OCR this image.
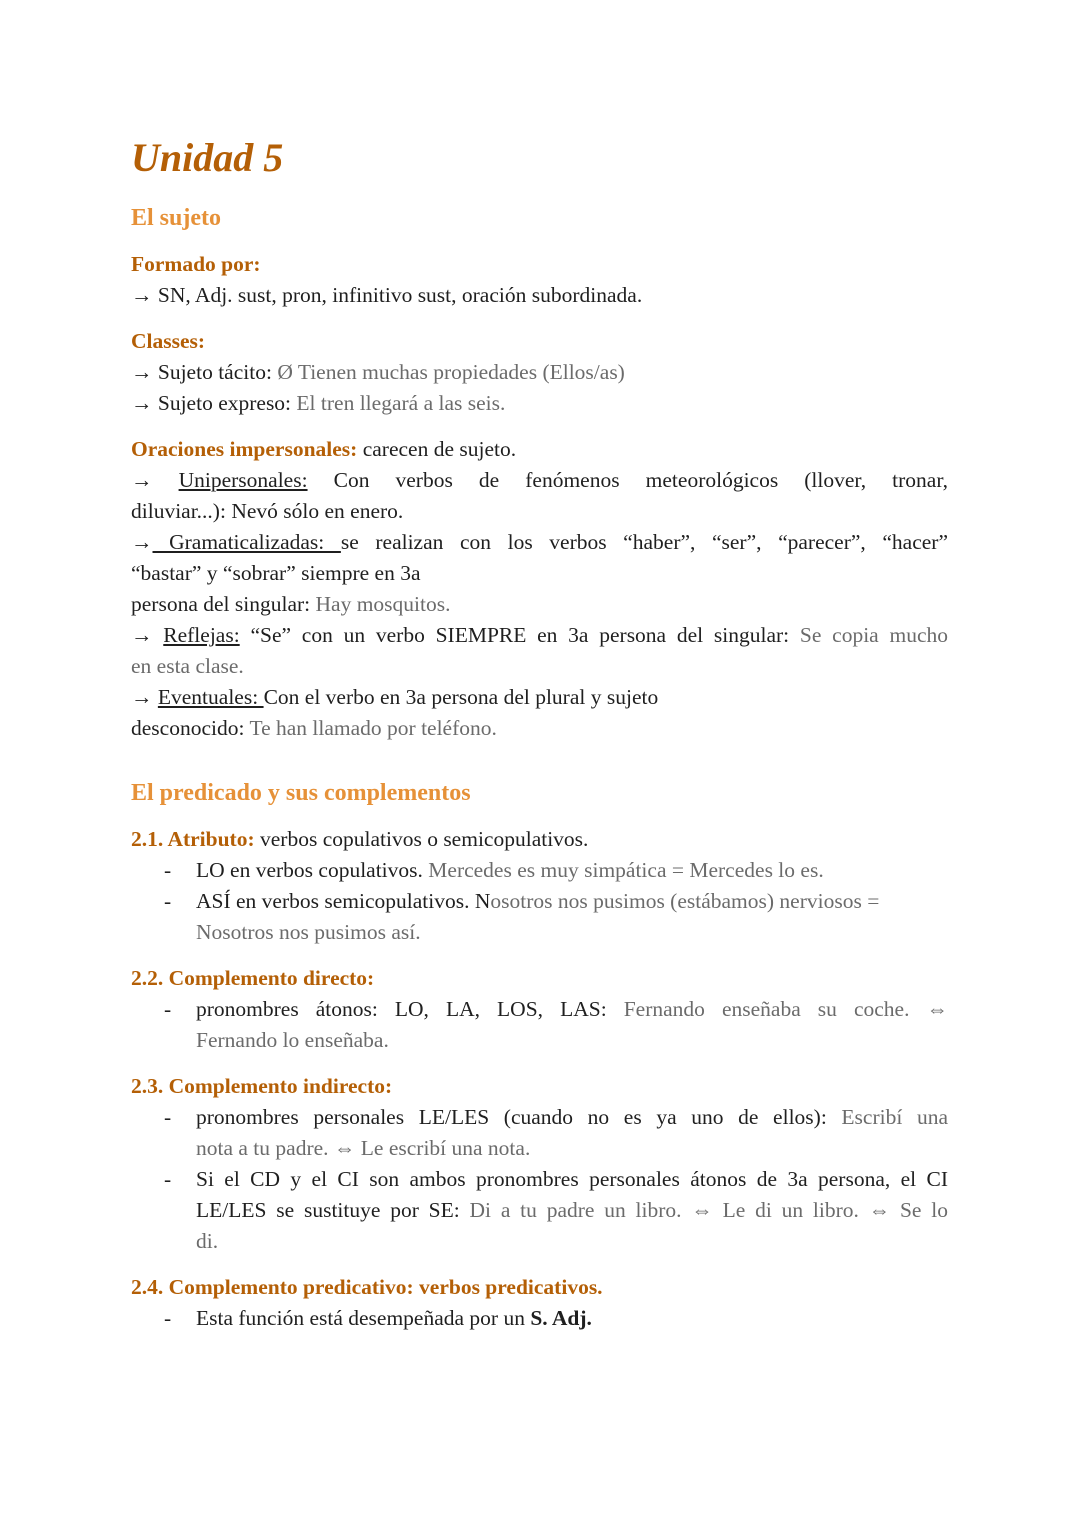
Unidad 5
El sujeto

Formado por:

→ SN, Adj. sust, pron, infinitivo sust, oración subordinada.

Classes:

→ Sujeto tácito: Ø Tienen muchas propiedades (Ellos/as)

→ Sujeto expreso: El tren llegará a las seis.

Oraciones impersonales: carecen de sujeto.

→ Unipersonales: Con verbos de fenómenos meteorológicos (llover, tronar,

diluviar...): Nevó sólo en enero.

→ Gramaticalizadas: se realizan con los verbos “haber”, “ser”, “parecer”, “hacer”

“bastar” y “sobrar” siempre en 3a

persona del singular: Hay mosquitos.

→ Reflejas: “Se” con un verbo SIEMPRE en 3a persona del singular: Se copia mucho

en esta clase.

→ Eventuales: Con el verbo en 3a persona del plural y sujeto

desconocido: Te han llamado por teléfono.

El predicado y sus complementos

2.1. Atributo: verbos copulativos o semicopulativos.

- LO en verbos copulativos. Mercedes es muy simpática = Mercedes lo es.

- ASÍ en verbos semicopulativos. Nosotros nos pusimos (estábamos) nerviosos =

Nosotros nos pusimos así.

2.2. Complemento directo:

- pronombres átonos: LO, LA, LOS, LAS: Fernando enseñaba su coche. ⇔

Fernando lo enseñaba.

2.3. Complemento indirecto:

- pronombres personales LE/LES (cuando no es ya uno de ellos): Escribí una

nota a tu padre. ⇔ Le escribí una nota.

- Si el CD y el CI son ambos pronombres personales átonos de 3a persona, el CI

LE/LES se sustituye por SE: Di a tu padre un libro. ⇔ Le di un libro. ⇔ Se lo

di.

2.4. Complemento predicativo: verbos predicativos.

- Esta función está desempeñada por un S. Adj.
